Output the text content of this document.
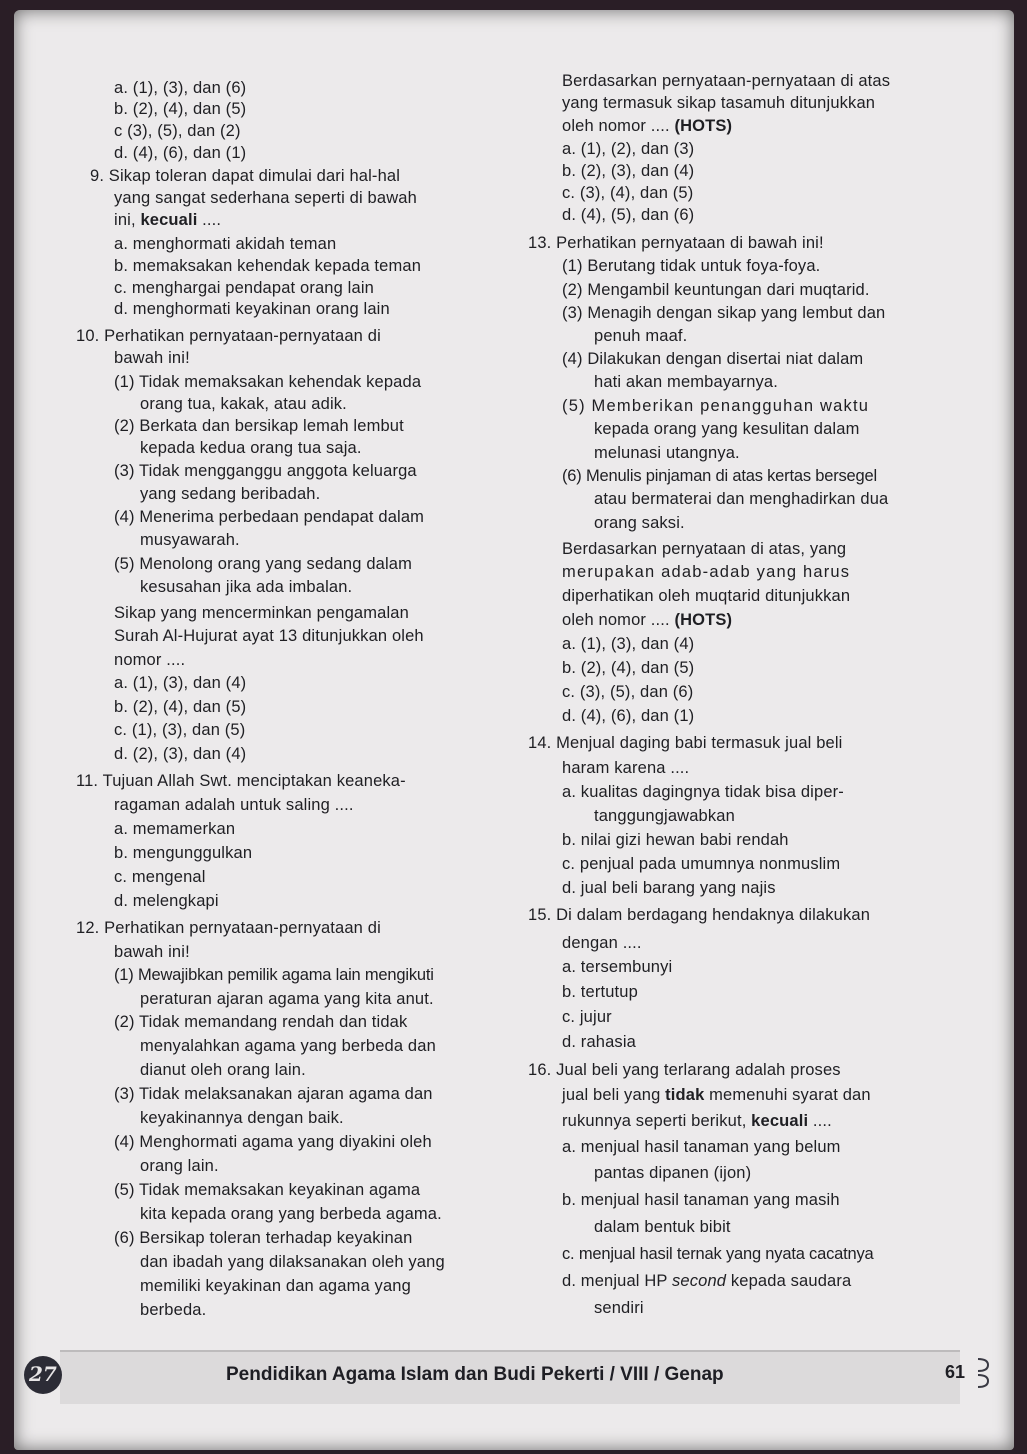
a. (1), (3), dan (6)
b. (2), (4), dan (5)
c (3), (5), dan (2)
d. (4), (6), dan (1)
9. Sikap toleran dapat dimulai dari hal-hal
yang sangat sederhana seperti di bawah
ini, kecuali ....
a. menghormati akidah teman
b. memaksakan kehendak kepada teman
c. menghargai pendapat orang lain
d. menghormati keyakinan orang lain
10. Perhatikan pernyataan-pernyataan di
bawah ini!
(1) Tidak memaksakan kehendak kepada
orang tua, kakak, atau adik.
(2) Berkata dan bersikap lemah lembut
kepada kedua orang tua saja.
(3) Tidak mengganggu anggota keluarga
yang sedang beribadah.
(4) Menerima perbedaan pendapat dalam
musyawarah.
(5) Menolong orang yang sedang dalam
kesusahan jika ada imbalan.
Sikap yang mencerminkan pengamalan
Surah Al-Hujurat ayat 13 ditunjukkan oleh
nomor ....
a. (1), (3), dan (4)
b. (2), (4), dan (5)
c. (1), (3), dan (5)
d. (2), (3), dan (4)
11. Tujuan Allah Swt. menciptakan keaneka-
ragaman adalah untuk saling ....
a. memamerkan
b. mengunggulkan
c. mengenal
d. melengkapi
12. Perhatikan pernyataan-pernyataan di
bawah ini!
(1) Mewajibkan pemilik agama lain mengikuti
peraturan ajaran agama yang kita anut.
(2) Tidak memandang rendah dan tidak
menyalahkan agama yang berbeda dan
dianut oleh orang lain.
(3) Tidak melaksanakan ajaran agama dan
keyakinannya dengan baik.
(4) Menghormati agama yang diyakini oleh
orang lain.
(5) Tidak memaksakan keyakinan agama
kita kepada orang yang berbeda agama.
(6) Bersikap toleran terhadap keyakinan
dan ibadah yang dilaksanakan oleh yang
memiliki keyakinan dan agama yang
berbeda.
Berdasarkan pernyataan-pernyataan di atas
yang termasuk sikap tasamuh ditunjukkan
oleh nomor .... (HOTS)
a. (1), (2), dan (3)
b. (2), (3), dan (4)
c. (3), (4), dan (5)
d. (4), (5), dan (6)
13. Perhatikan pernyataan di bawah ini!
(1) Berutang tidak untuk foya-foya.
(2) Mengambil keuntungan dari muqtarid.
(3) Menagih dengan sikap yang lembut dan
penuh maaf.
(4) Dilakukan dengan disertai niat dalam
hati akan membayarnya.
(5) Memberikan penangguhan waktu
kepada orang yang kesulitan dalam
melunasi utangnya.
(6) Menulis pinjaman di atas kertas bersegel
atau bermaterai dan menghadirkan dua
orang saksi.
Berdasarkan pernyataan di atas, yang
merupakan adab-adab yang harus
diperhatikan oleh muqtarid ditunjukkan
oleh nomor .... (HOTS)
a. (1), (3), dan (4)
b. (2), (4), dan (5)
c. (3), (5), dan (6)
d. (4), (6), dan (1)
14. Menjual daging babi termasuk jual beli
haram karena ....
a. kualitas dagingnya tidak bisa diper-
tanggungjawabkan
b. nilai gizi hewan babi rendah
c. penjual pada umumnya nonmuslim
d. jual beli barang yang najis
15. Di dalam berdagang hendaknya dilakukan
dengan ....
a. tersembunyi
b. tertutup
c. jujur
d. rahasia
16. Jual beli yang terlarang adalah proses
jual beli yang tidak memenuhi syarat dan
rukunnya seperti berikut, kecuali ....
a. menjual hasil tanaman yang belum
pantas dipanen (ijon)
b. menjual hasil tanaman yang masih
dalam bentuk bibit
c. menjual hasil ternak yang nyata cacatnya
d. menjual HP second kepada saudara
sendiri
27	Pendidikan Agama Islam dan Budi Pekerti / VIII / Genap	61
